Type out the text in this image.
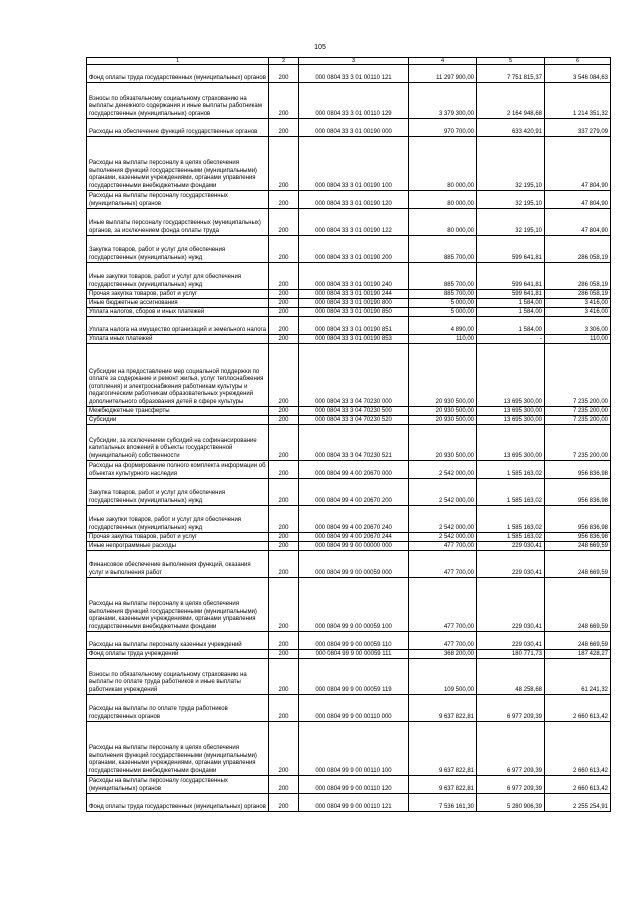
105
1	2	3	4	5	6
Фонд оплаты труда государственных (муниципальных) органов	200	000 0804 33 3 01 00110 121	11 297 900,00	7 751 815,37	3 546 084,63
Взносы по обязательному социальному страхованию на выплаты денежного содержания и иные выплаты работникам государственных (муниципальных) органов	200	000 0804 33 3 01 00110 129	3 379 300,00	2 164 948,68	1 214 351,32
Расходы на обеспечение функций государственных органов	200	000 0804 33 3 01 00190 000	970 700,00	633 420,91	337 279,09
Расходы на выплаты персоналу в целях обеспечения выполнения функций государственными (муниципальными) органами, казенными учреждениями, органами управления государственными внебюджетными фондами	200	000 0804 33 3 01 00190 100	80 000,00	32 195,10	47 804,90
Расходы на выплаты персоналу государственных (муниципальных) органов	200	000 0804 33 3 01 00190 120	80 000,00	32 195,10	47 804,90
Иные выплаты персоналу государственных (муниципальных) органов, за исключением фонда оплаты труда	200	000 0804 33 3 01 00190 122	80 000,00	32 195,10	47 804,90
Закупка товаров, работ и услуг для обеспечения государственных (муниципальных) нужд	200	000 0804 33 3 01 00190 200	885 700,00	599 641,81	286 058,19
Иные закупки товаров, работ и услуг для обеспечения государственных (муниципальных) нужд	200	000 0804 33 3 01 00190 240	885 700,00	599 641,81	286 058,19
Прочая закупка товаров, работ и услуг	200	000 0804 33 3 01 00190 244	885 700,00	599 641,81	286 058,19
Иные бюджетные ассигнования	200	000 0804 33 3 01 00190 800	5 000,00	1 584,00	3 416,00
Уплата налогов, сборов и иных платежей	200	000 0804 33 3 01 00190 850	5 000,00	1 584,00	3 416,00
Уплата налога на имущество организаций и земельного налога	200	000 0804 33 3 01 00190 851	4 890,00	1 584,00	3 306,00
Уплата иных платежей	200	000 0804 33 3 01 00190 853	110,00	-	110,00
Субсидии на предоставление мер социальной поддержки по оплате за содержание и ремонт жилья, услуг теплоснабжения (отопления) и электроснабжения работникам культуры и педагогическим работникам образовательных учреждений дополнительного образования детей в сфере культуры	200	000 0804 33 3 04 70230 000	20 930 500,00	13 695 300,00	7 235 200,00
Межбюджетные трансферты	200	000 0804 33 3 04 70230 500	20 930 500,00	13 695 300,00	7 235 200,00
Субсидии	200	000 0804 33 3 04 70230 520	20 930 500,00	13 695 300,00	7 235 200,00
Субсидии, за исключением субсидий на софинансирование капитальных вложений в объекты государственной (муниципальной) собственности	200	000 0804 33 3 04 70230 521	20 930 500,00	13 695 300,00	7 235 200,00
Расходы на формирование полного комплекта информации об объектах культурного наследия	200	000 0804 99 4 00 20670 000	2 542 000,00	1 585 163,02	956 836,98
Закупка товаров, работ и услуг для обеспечения государственных (муниципальных) нужд	200	000 0804 99 4 00 20670 200	2 542 000,00	1 585 163,02	956 836,98
Иные закупки товаров, работ и услуг для обеспечения государственных (муниципальных) нужд	200	000 0804 99 4 00 20670 240	2 542 000,00	1 585 163,02	956 836,98
Прочая закупка товаров, работ и услуг	200	000 0804 99 4 00 20670 244	2 542 000,00	1 585 163,02	956 836,98
Иные непрограммные расходы	200	000 0804 99 9 00 00000 000	477 700,00	229 030,41	248 669,59
Финансовое обеспечение выполнения функций, оказания услуг и выполнения работ	200	000 0804 99 9 00 00059 000	477 700,00	229 030,41	248 669,59
Расходы на выплаты персоналу в целях обеспечения выполнения функций государственными (муниципальными) органами, казенными учреждениями, органами управления государственными внебюджетными фондами	200	000 0804 99 9 00 00059 100	477 700,00	229 030,41	248 669,59
Расходы на выплаты персоналу казенных учреждений	200	000 0804 99 9 00 00059 110	477 700,00	229 030,41	248 669,59
Фонд оплаты труда учреждений	200	000 0804 99 9 00 00059 111	368 200,00	180 771,73	187 428,27
Взносы по обязательному социальному страхованию на выплаты по оплате труда работников и иные выплаты работникам учреждений	200	000 0804 99 9 00 00059 119	109 500,00	48 258,68	61 241,32
Расходы на выплаты по оплате труда работников государственных органов	200	000 0804 99 9 00 00110 000	9 637 822,81	6 977 209,39	2 660 613,42
Расходы на выплаты персоналу в целях обеспечения выполнения функций государственными (муниципальными) органами, казенными учреждениями, органами управления государственными внебюджетными фондами	200	000 0804 99 9 00 00110 100	9 637 822,81	6 977 209,39	2 660 613,42
Расходы на выплаты персоналу государственных (муниципальных) органов	200	000 0804 99 9 00 00110 120	9 637 822,81	6 977 209,39	2 660 613,42
Фонд оплаты труда государственных (муниципальных) органов	200	000 0804 99 9 00 00110 121	7 536 161,30	5 280 906,39	2 255 254,91
